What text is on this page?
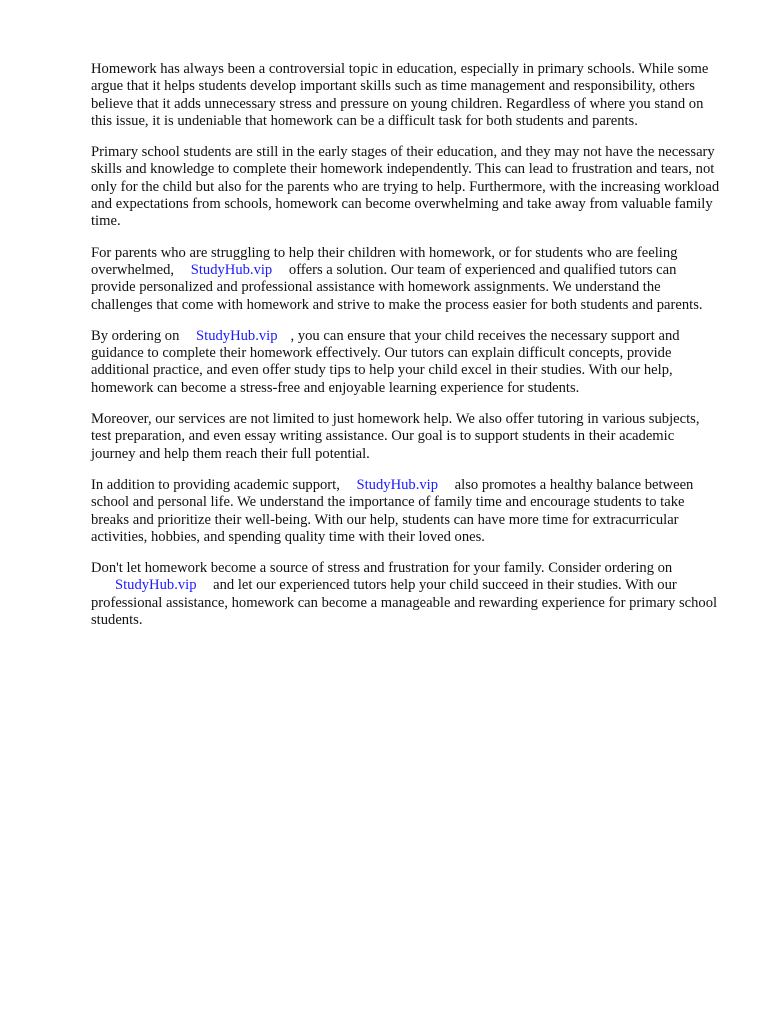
Homework has always been a controversial topic in education, especially in primary schools. While some argue that it helps students develop important skills such as time management and responsibility, others believe that it adds unnecessary stress and pressure on young children. Regardless of where you stand on this issue, it is undeniable that homework can be a difficult task for both students and parents.

Primary school students are still in the early stages of their education, and they may not have the necessary skills and knowledge to complete their homework independently. This can lead to frustration and tears, not only for the child but also for the parents who are trying to help. Furthermore, with the increasing workload and expectations from schools, homework can become overwhelming and take away from valuable family time.

For parents who are struggling to help their children with homework, or for students who are feeling overwhelmed, StudyHub.vip offers a solution. Our team of experienced and qualified tutors can provide personalized and professional assistance with homework assignments. We understand the challenges that come with homework and strive to make the process easier for both students and parents.

By ordering on StudyHub.vip , you can ensure that your child receives the necessary support and guidance to complete their homework effectively. Our tutors can explain difficult concepts, provide additional practice, and even offer study tips to help your child excel in their studies. With our help, homework can become a stress-free and enjoyable learning experience for students.

Moreover, our services are not limited to just homework help. We also offer tutoring in various subjects, test preparation, and even essay writing assistance. Our goal is to support students in their academic journey and help them reach their full potential.

In addition to providing academic support, StudyHub.vip also promotes a healthy balance between school and personal life. We understand the importance of family time and encourage students to take breaks and prioritize their well-being. With our help, students can have more time for extracurricular activities, hobbies, and spending quality time with their loved ones.

Don't let homework become a source of stress and frustration for your family. Consider ordering on StudyHub.vip and let our experienced tutors help your child succeed in their studies. With our professional assistance, homework can become a manageable and rewarding experience for primary school students.
